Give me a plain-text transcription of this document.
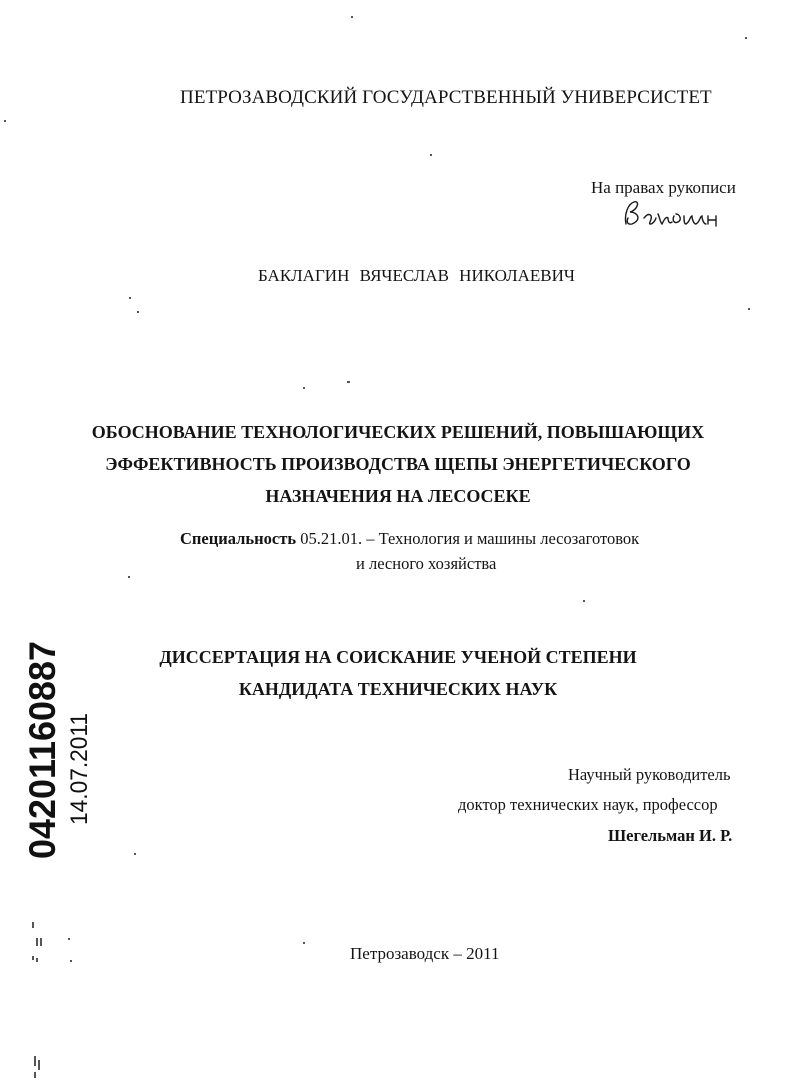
ПЕТРОЗАВОДСКИЙ ГОСУДАРСТВЕННЫЙ УНИВЕРСИСТЕТ
На правах рукописи
БАКЛАГИН ВЯЧЕСЛАВ НИКОЛАЕВИЧ
ОБОСНОВАНИЕ ТЕХНОЛОГИЧЕСКИХ РЕШЕНИЙ, ПОВЫШАЮЩИХ
ЭФФЕКТИВНОСТЬ ПРОИЗВОДСТВА ЩЕПЫ ЭНЕРГЕТИЧЕСКОГО
НАЗНАЧЕНИЯ НА ЛЕСОСЕКЕ
Специальность 05.21.01. – Технология и машины лесозаготовок
и лесного хозяйства
ДИССЕРТАЦИЯ НА СОИСКАНИЕ УЧЕНОЙ СТЕПЕНИ
КАНДИДАТА ТЕХНИЧЕСКИХ НАУК
Научный руководитель
доктор технических наук, профессор
Шегельман И. Р.
Петрозаводск – 2011
04201160887 14.07.2011
